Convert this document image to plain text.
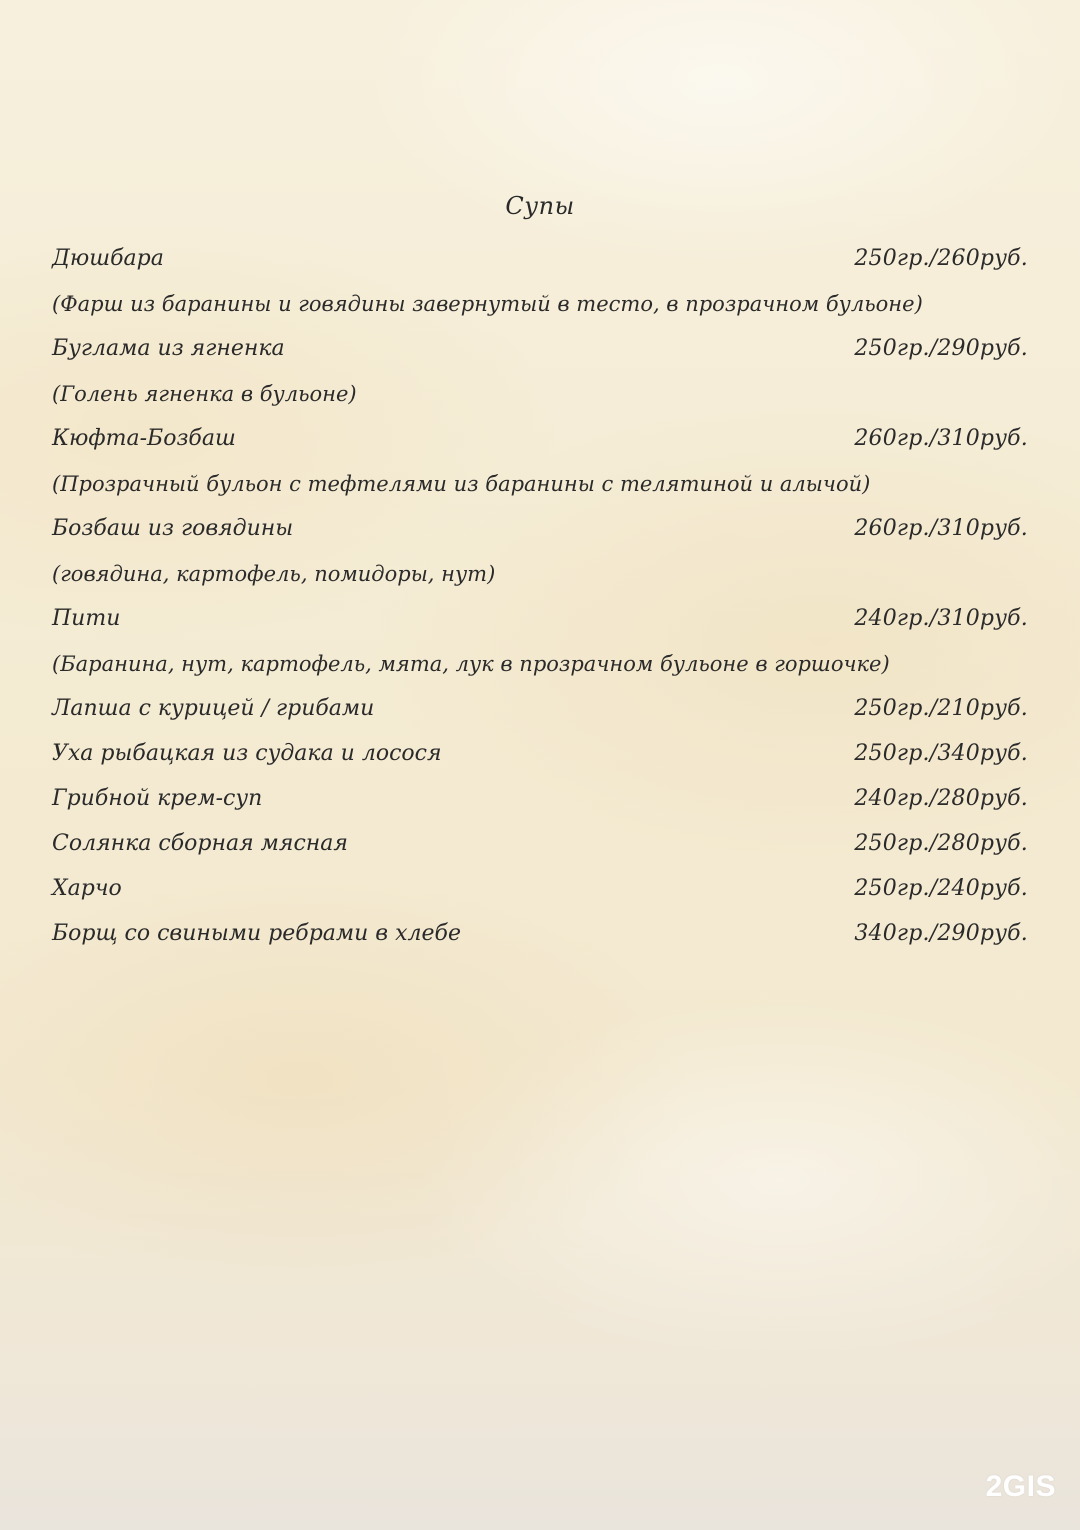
Супы
Дюшбара	250гр./260руб.
(Фарш из баранины и говядины завернутый в тесто, в прозрачном бульоне)
Буглама из ягненка	250гр./290руб.
(Голень ягненка в бульоне)
Кюфта-Бозбаш	260гр./310руб.
(Прозрачный бульон с тефтелями из баранины с телятиной и алычой)
Бозбаш из говядины	260гр./310руб.
(говядина, картофель, помидоры, нут)
Пити	240гр./310руб.
(Баранина, нут, картофель, мята, лук в прозрачном бульоне в горшочке)
Лапша с курицей / грибами	250гр./210руб.
Уха рыбацкая из судака и лосося	250гр./340руб.
Грибной крем-суп	240гр./280руб.
Солянка сборная мясная	250гр./280руб.
Харчо	250гр./240руб.
Борщ со свиными ребрами в хлебе	340гр./290руб.
2GIS
